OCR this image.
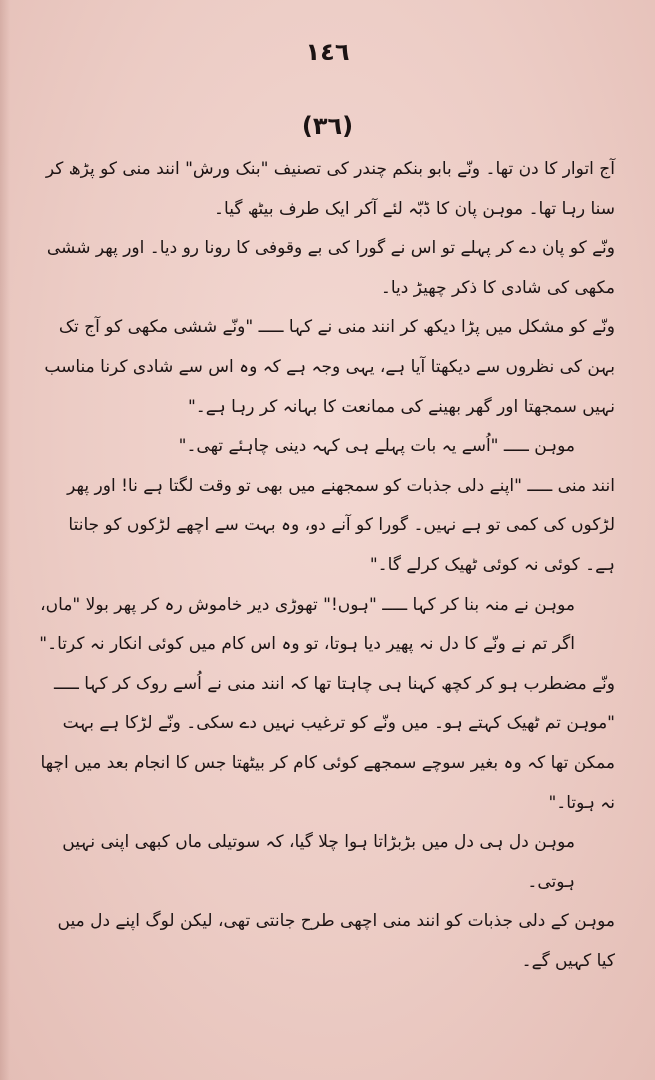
١٤٦
(٣٦)

آج اتوار کا دن تھا۔ ونّے بابو بنکم چندر کی تصنیف "بنک ورش" انند منی کو پڑھ کر سنا رہا تھا۔ موہن پان کا ڈبّہ لئے آکر ایک طرف بیٹھ گیا۔

ونّے کو پان دے کر پہلے تو اس نے گورا کی بے وقوفی کا رونا رو دیا۔ اور پھر ششی مکھی کی شادی کا ذکر چھیڑ دیا۔

ونّے کو مشکل میں پڑا دیکھ کر انند منی نے کہا ـــــ "ونّے ششی مکھی کو آج تک بہن کی نظروں سے دیکھتا آیا ہے، یہی وجہ ہے کہ وہ اس سے شادی کرنا مناسب نہیں سمجھتا اور گھر بھینے کی ممانعت کا بہانہ کر رہا ہے۔"

موہن ـــــ "اُسے یہ بات پہلے ہی کہہ دینی چاہئے تھی۔"

انند منی ـــــ "اپنے دلی جذبات کو سمجھنے میں بھی تو وقت لگتا ہے نا! اور پھر لڑکوں کی کمی تو ہے نہیں۔ گورا کو آنے دو، وہ بہت سے اچھے لڑکوں کو جانتا ہے۔ کوئی نہ کوئی ٹھیک کرلے گا۔"

موہن نے منہ بنا کر کہا ـــــ "ہوں!" تھوڑی دیر خاموش رہ کر پھر بولا "ماں، اگر تم نے ونّے کا دل نہ پھیر دیا ہوتا، تو وہ اس کام میں کوئی انکار نہ کرتا۔"

ونّے مضطرب ہو کر کچھ کہنا ہی چاہتا تھا کہ انند منی نے اُسے روک کر کہا ـــــ "موہن تم ٹھیک کہتے ہو۔ میں ونّے کو ترغیب نہیں دے سکی۔ ونّے لڑکا ہے بہت ممکن تھا کہ وہ بغیر سوچے سمجھے کوئی کام کر بیٹھتا جس کا انجام بعد میں اچھا نہ ہوتا۔"

موہن دل ہی دل میں بڑبڑاتا ہوا چلا گیا، کہ سوتیلی ماں کبھی اپنی نہیں ہوتی۔

موہن کے دلی جذبات کو انند منی اچھی طرح جانتی تھی، لیکن لوگ اپنے دل میں کیا کہیں گے۔
